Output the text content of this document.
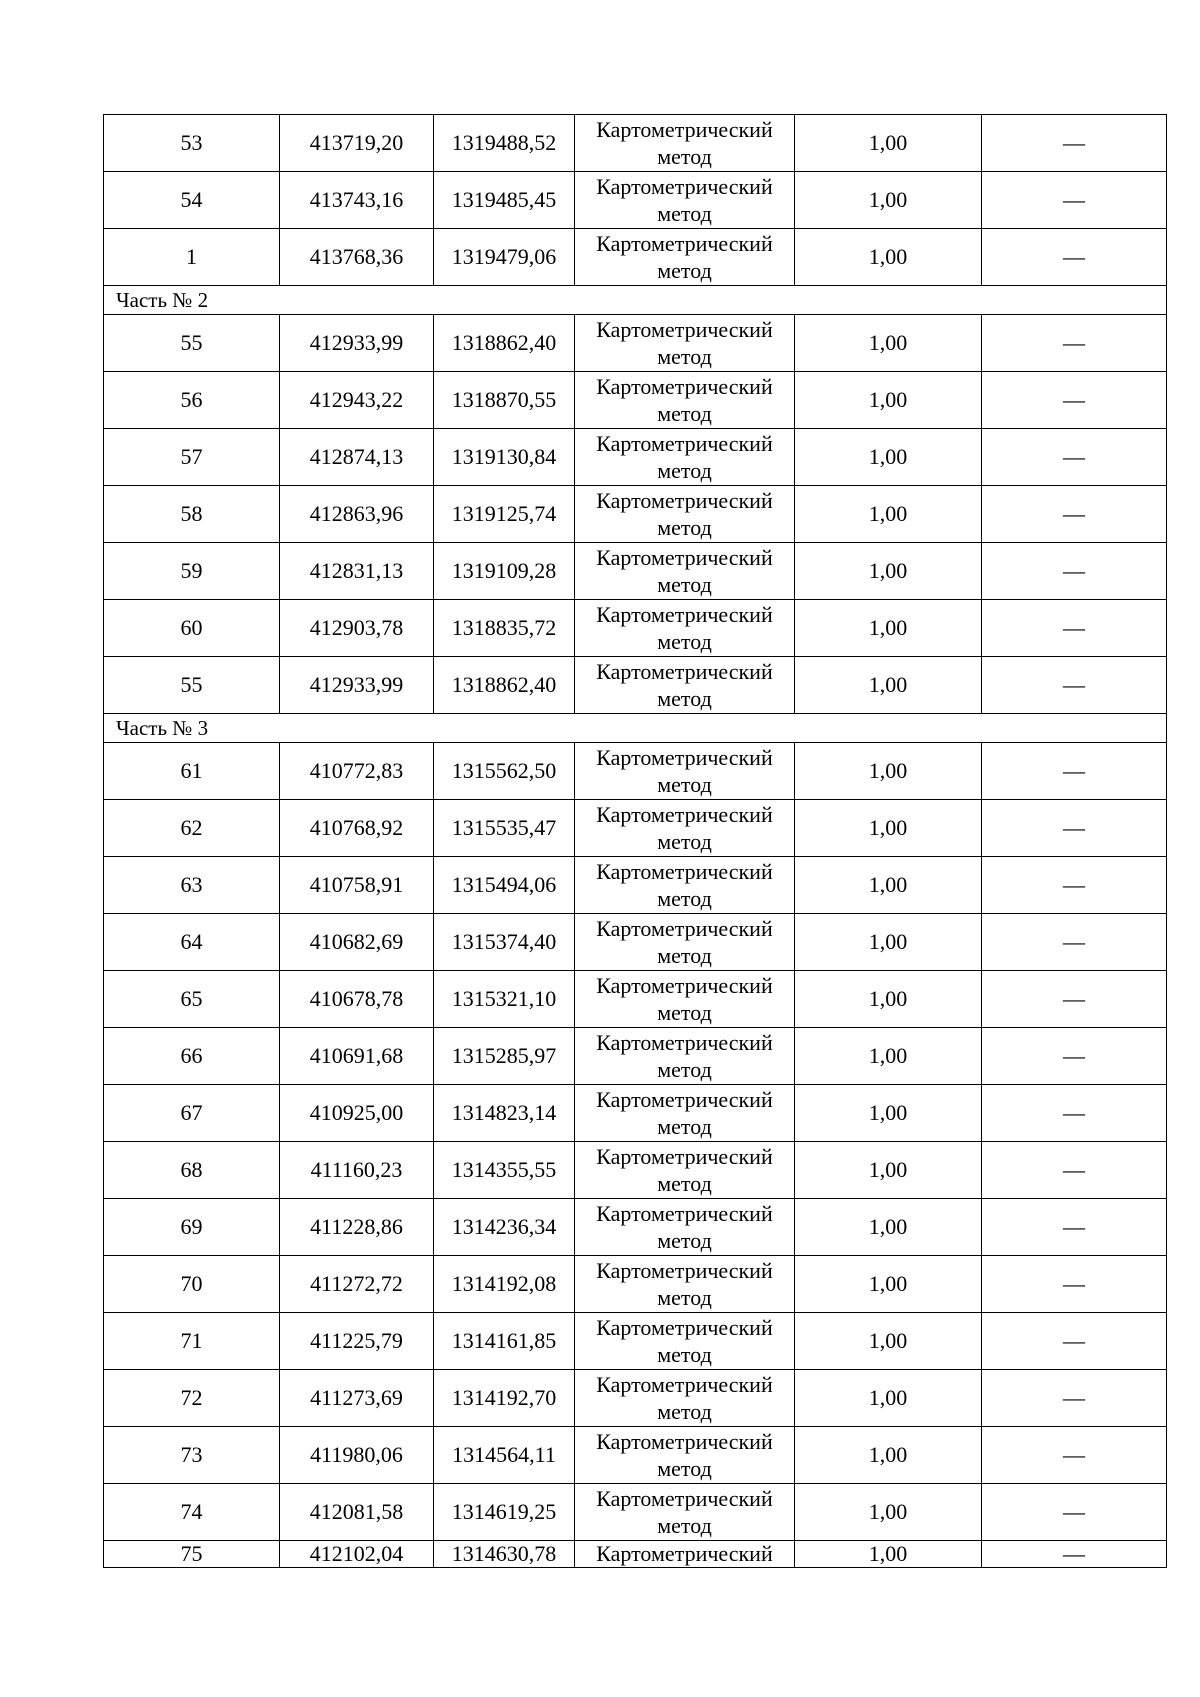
53	413719,20	1319488,52	Картометрический метод	1,00	—
54	413743,16	1319485,45	Картометрический метод	1,00	—
1	413768,36	1319479,06	Картометрический метод	1,00	—
Часть № 2					
55	412933,99	1318862,40	Картометрический метод	1,00	—
56	412943,22	1318870,55	Картометрический метод	1,00	—
57	412874,13	1319130,84	Картометрический метод	1,00	—
58	412863,96	1319125,74	Картометрический метод	1,00	—
59	412831,13	1319109,28	Картометрический метод	1,00	—
60	412903,78	1318835,72	Картометрический метод	1,00	—
55	412933,99	1318862,40	Картометрический метод	1,00	—
Часть № 3					
61	410772,83	1315562,50	Картометрический метод	1,00	—
62	410768,92	1315535,47	Картометрический метод	1,00	—
63	410758,91	1315494,06	Картометрический метод	1,00	—
64	410682,69	1315374,40	Картометрический метод	1,00	—
65	410678,78	1315321,10	Картометрический метод	1,00	—
66	410691,68	1315285,97	Картометрический метод	1,00	—
67	410925,00	1314823,14	Картометрический метод	1,00	—
68	411160,23	1314355,55	Картометрический метод	1,00	—
69	411228,86	1314236,34	Картометрический метод	1,00	—
70	411272,72	1314192,08	Картометрический метод	1,00	—
71	411225,79	1314161,85	Картометрический метод	1,00	—
72	411273,69	1314192,70	Картометрический метод	1,00	—
73	411980,06	1314564,11	Картометрический метод	1,00	—
74	412081,58	1314619,25	Картометрический метод	1,00	—
75	412102,04	1314630,78	Картометрический	1,00	—
